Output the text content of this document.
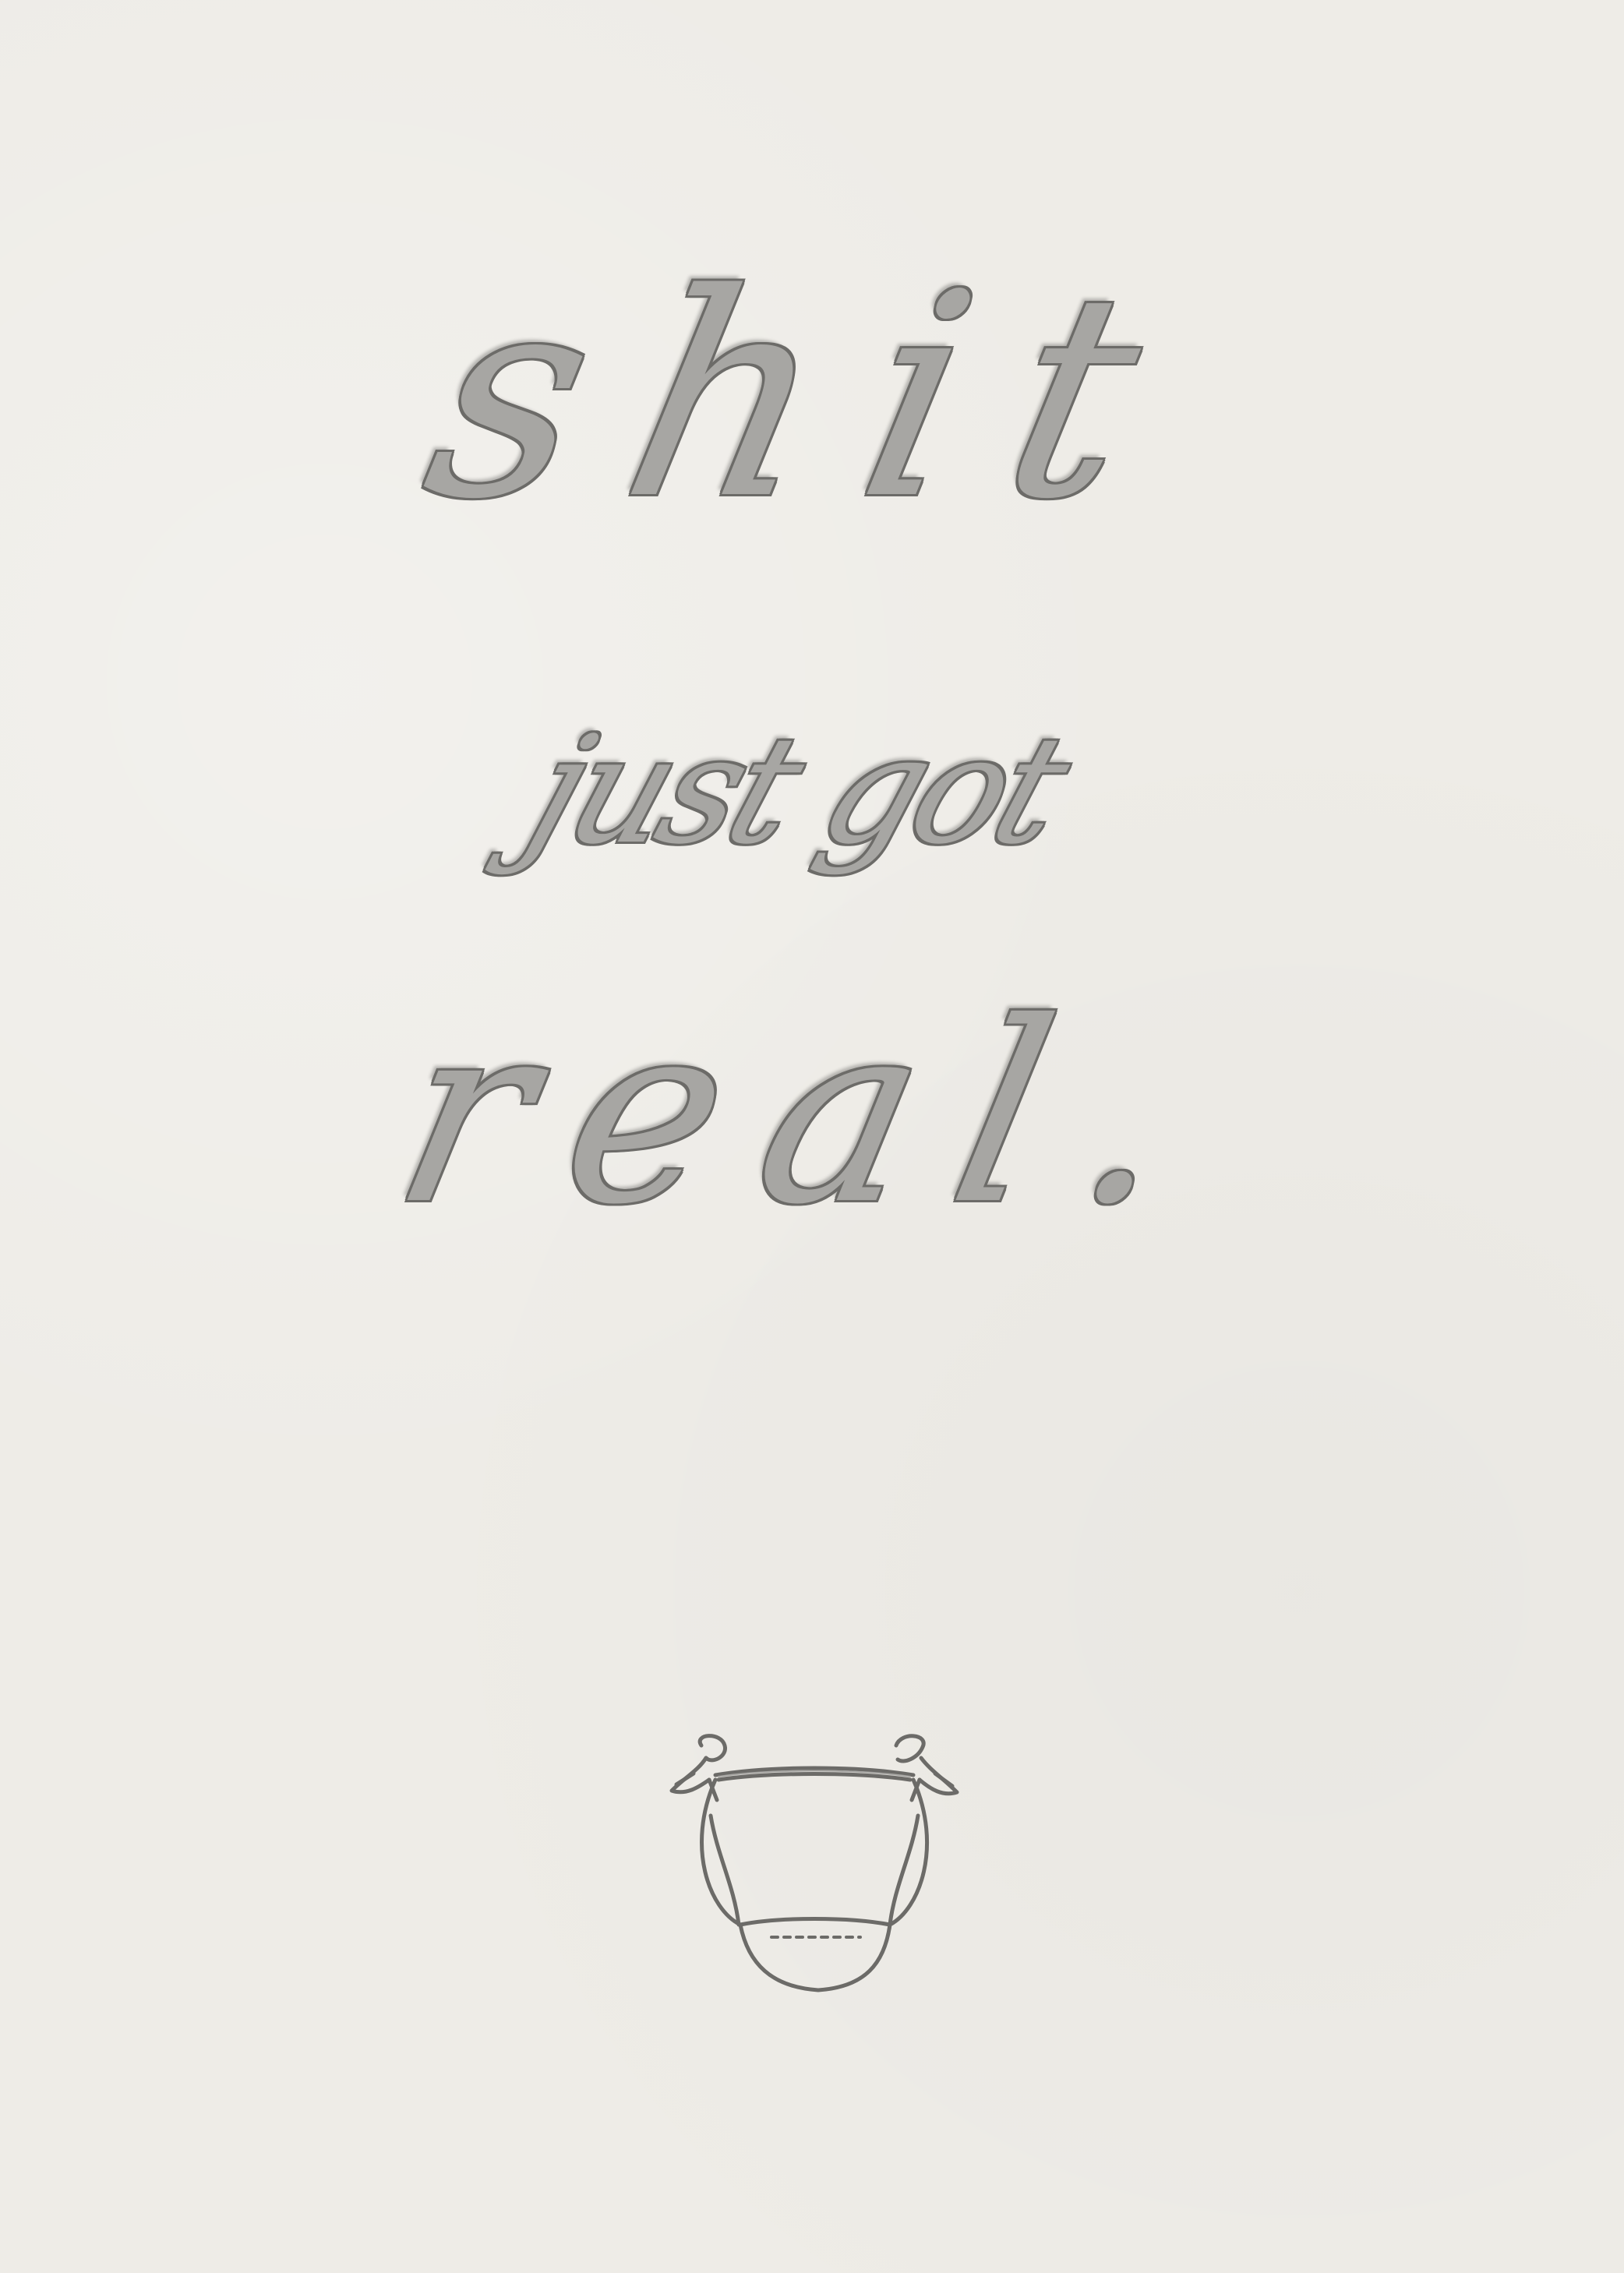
shit
just got
real.
